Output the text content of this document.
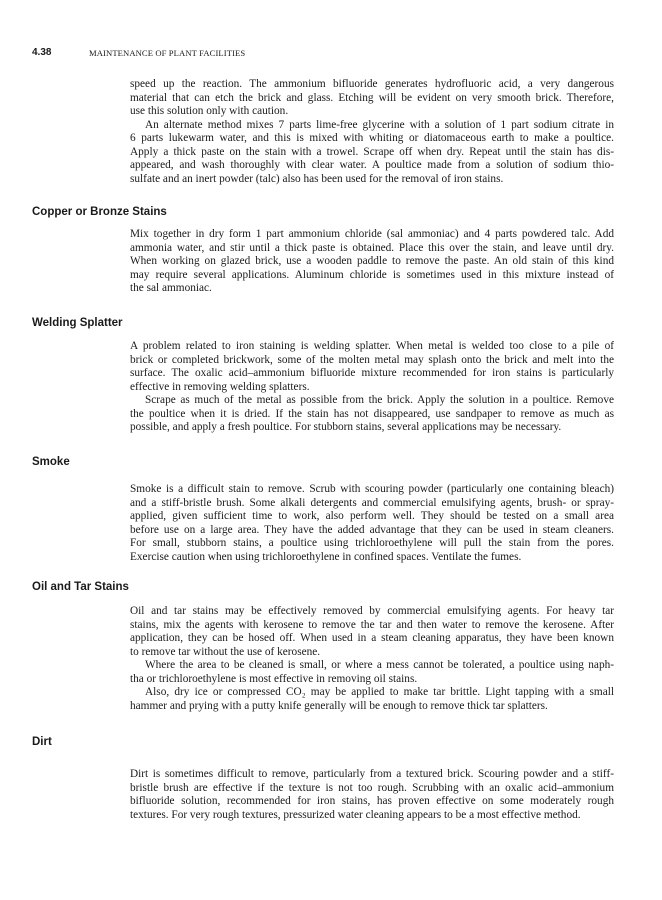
4.38	MAINTENANCE OF PLANT FACILITIES
speed up the reaction. The ammonium bifluoride generates hydrofluoric acid, a very dangerous
material that can etch the brick and glass. Etching will be evident on very smooth brick. Therefore,
use this solution only with caution.
An alternate method mixes 7 parts lime-free glycerine with a solution of 1 part sodium citrate in
6 parts lukewarm water, and this is mixed with whiting or diatomaceous earth to make a poultice.
Apply a thick paste on the stain with a trowel. Scrape off when dry. Repeat until the stain has dis-
appeared, and wash thoroughly with clear water. A poultice made from a solution of sodium thio-
sulfate and an inert powder (talc) also has been used for the removal of iron stains.
Copper or Bronze Stains
Mix together in dry form 1 part ammonium chloride (sal ammoniac) and 4 parts powdered talc. Add
ammonia water, and stir until a thick paste is obtained. Place this over the stain, and leave until dry.
When working on glazed brick, use a wooden paddle to remove the paste. An old stain of this kind
may require several applications. Aluminum chloride is sometimes used in this mixture instead of
the sal ammoniac.
Welding Splatter
A problem related to iron staining is welding splatter. When metal is welded too close to a pile of
brick or completed brickwork, some of the molten metal may splash onto the brick and melt into the
surface. The oxalic acid–ammonium bifluoride mixture recommended for iron stains is particularly
effective in removing welding splatters.
Scrape as much of the metal as possible from the brick. Apply the solution in a poultice. Remove
the poultice when it is dried. If the stain has not disappeared, use sandpaper to remove as much as
possible, and apply a fresh poultice. For stubborn stains, several applications may be necessary.
Smoke
Smoke is a difficult stain to remove. Scrub with scouring powder (particularly one containing bleach)
and a stiff-bristle brush. Some alkali detergents and commercial emulsifying agents, brush- or spray-
applied, given sufficient time to work, also perform well. They should be tested on a small area
before use on a large area. They have the added advantage that they can be used in steam cleaners.
For small, stubborn stains, a poultice using trichloroethylene will pull the stain from the pores.
Exercise caution when using trichloroethylene in confined spaces. Ventilate the fumes.
Oil and Tar Stains
Oil and tar stains may be effectively removed by commercial emulsifying agents. For heavy tar
stains, mix the agents with kerosene to remove the tar and then water to remove the kerosene. After
application, they can be hosed off. When used in a steam cleaning apparatus, they have been known
to remove tar without the use of kerosene.
Where the area to be cleaned is small, or where a mess cannot be tolerated, a poultice using naph-
tha or trichloroethylene is most effective in removing oil stains.
Also, dry ice or compressed CO₂ may be applied to make tar brittle. Light tapping with a small
hammer and prying with a putty knife generally will be enough to remove thick tar splatters.
Dirt
Dirt is sometimes difficult to remove, particularly from a textured brick. Scouring powder and a stiff-
bristle brush are effective if the texture is not too rough. Scrubbing with an oxalic acid–ammonium
bifluoride solution, recommended for iron stains, has proven effective on some moderately rough
textures. For very rough textures, pressurized water cleaning appears to be a most effective method.
